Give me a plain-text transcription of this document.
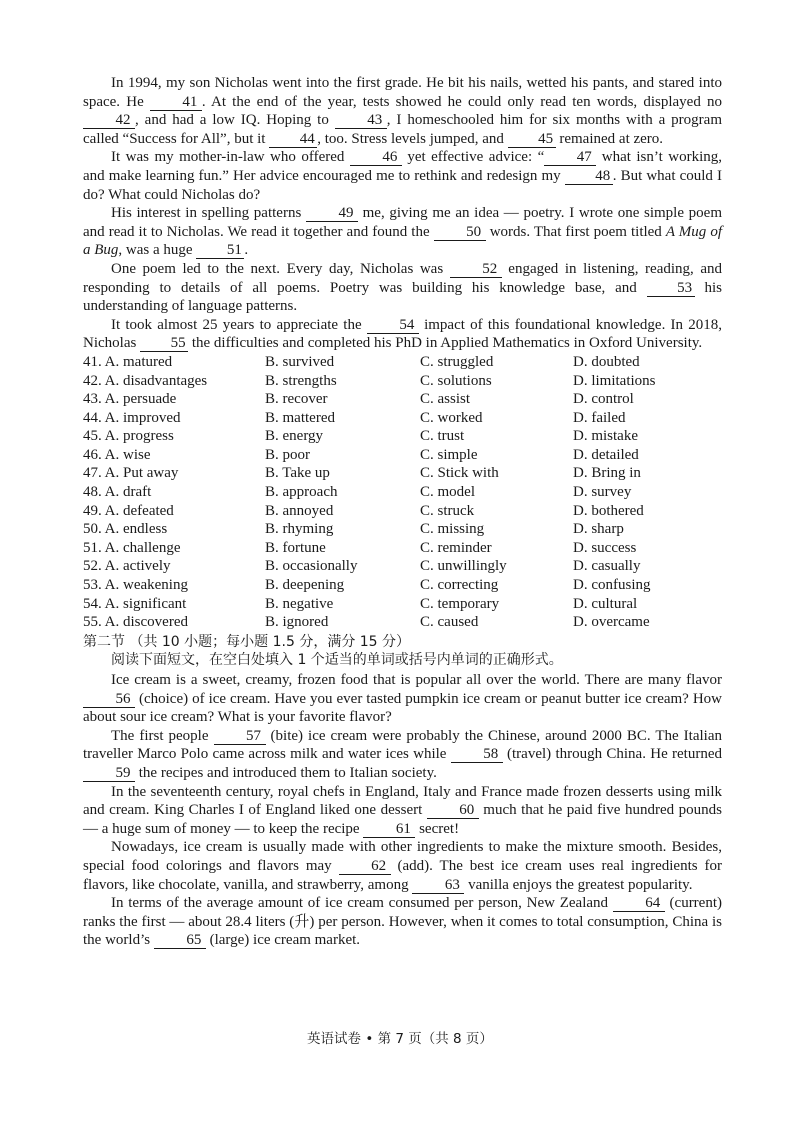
In 1994, my son Nicholas went into the first grade. He bit his nails, wetted his pants, and stared into space. He 41 . At the end of the year, tests showed he could only read ten words, displayed no 42 , and had a low IQ. Hoping to 43 , I homeschooled him for six months with a program called “Success for All”, but it 44 , too. Stress levels jumped, and 45 remained at zero.

It was my mother-in-law who offered 46 yet effective advice: “ 47 what isn’t working, and make learning fun.” Her advice encouraged me to rethink and redesign my 48 . But what could I do? What could Nicholas do?

His interest in spelling patterns 49 me, giving me an idea — poetry. I wrote one simple poem and read it to Nicholas. We read it together and found the 50 words. That first poem titled A Mug of a Bug, was a huge 51 .

One poem led to the next. Every day, Nicholas was 52 engaged in listening, reading, and responding to details of all poems. Poetry was building his knowledge base, and 53 his understanding of language patterns.

It took almost 25 years to appreciate the 54 impact of this foundational knowledge. In 2018, Nicholas 55 the difficulties and completed his PhD in Applied Mathematics in Oxford University.

41. A. matured	B. survived	C. struggled	D. doubted
42. A. disadvantages	B. strengths	C. solutions	D. limitations
43. A. persuade	B. recover	C. assist	D. control
44. A. improved	B. mattered	C. worked	D. failed
45. A. progress	B. energy	C. trust	D. mistake
46. A. wise	B. poor	C. simple	D. detailed
47. A. Put away	B. Take up	C. Stick with	D. Bring in
48. A. draft	B. approach	C. model	D. survey
49. A. defeated	B. annoyed	C. struck	D. bothered
50. A. endless	B. rhyming	C. missing	D. sharp
51. A. challenge	B. fortune	C. reminder	D. success
52. A. actively	B. occasionally	C. unwillingly	D. casually
53. A. weakening	B. deepening	C. correcting	D. confusing
54. A. significant	B. negative	C. temporary	D. cultural
55. A. discovered	B. ignored	C. caused	D. overcame

第二节 （共 10 小题；每小题 1.5 分，满分 15 分）

阅读下面短文，在空白处填入 1 个适当的单词或括号内单词的正确形式。

Ice cream is a sweet, creamy, frozen food that is popular all over the world. There are many flavor 56 (choice) of ice cream. Have you ever tasted pumpkin ice cream or peanut butter ice cream? How about sour ice cream? What is your favorite flavor?

The first people 57 (bite) ice cream were probably the Chinese, around 2000 BC. The Italian traveller Marco Polo came across milk and water ices while 58 (travel) through China. He returned 59 the recipes and introduced them to Italian society.

In the seventeenth century, royal chefs in England, Italy and France made frozen desserts using milk and cream. King Charles I of England liked one dessert 60 much that he paid five hundred pounds — a huge sum of money — to keep the recipe 61 secret!

Nowadays, ice cream is usually made with other ingredients to make the mixture smooth. Besides, special food colorings and flavors may 62 (add). The best ice cream uses real ingredients for flavors, like chocolate, vanilla, and strawberry, among 63 vanilla enjoys the greatest popularity.

In terms of the average amount of ice cream consumed per person, New Zealand 64 (current) ranks the first — about 28.4 liters (升) per person. However, when it comes to total consumption, China is the world’s 65 (large) ice cream market.

英语试卷 • 第 7 页（共 8 页）
